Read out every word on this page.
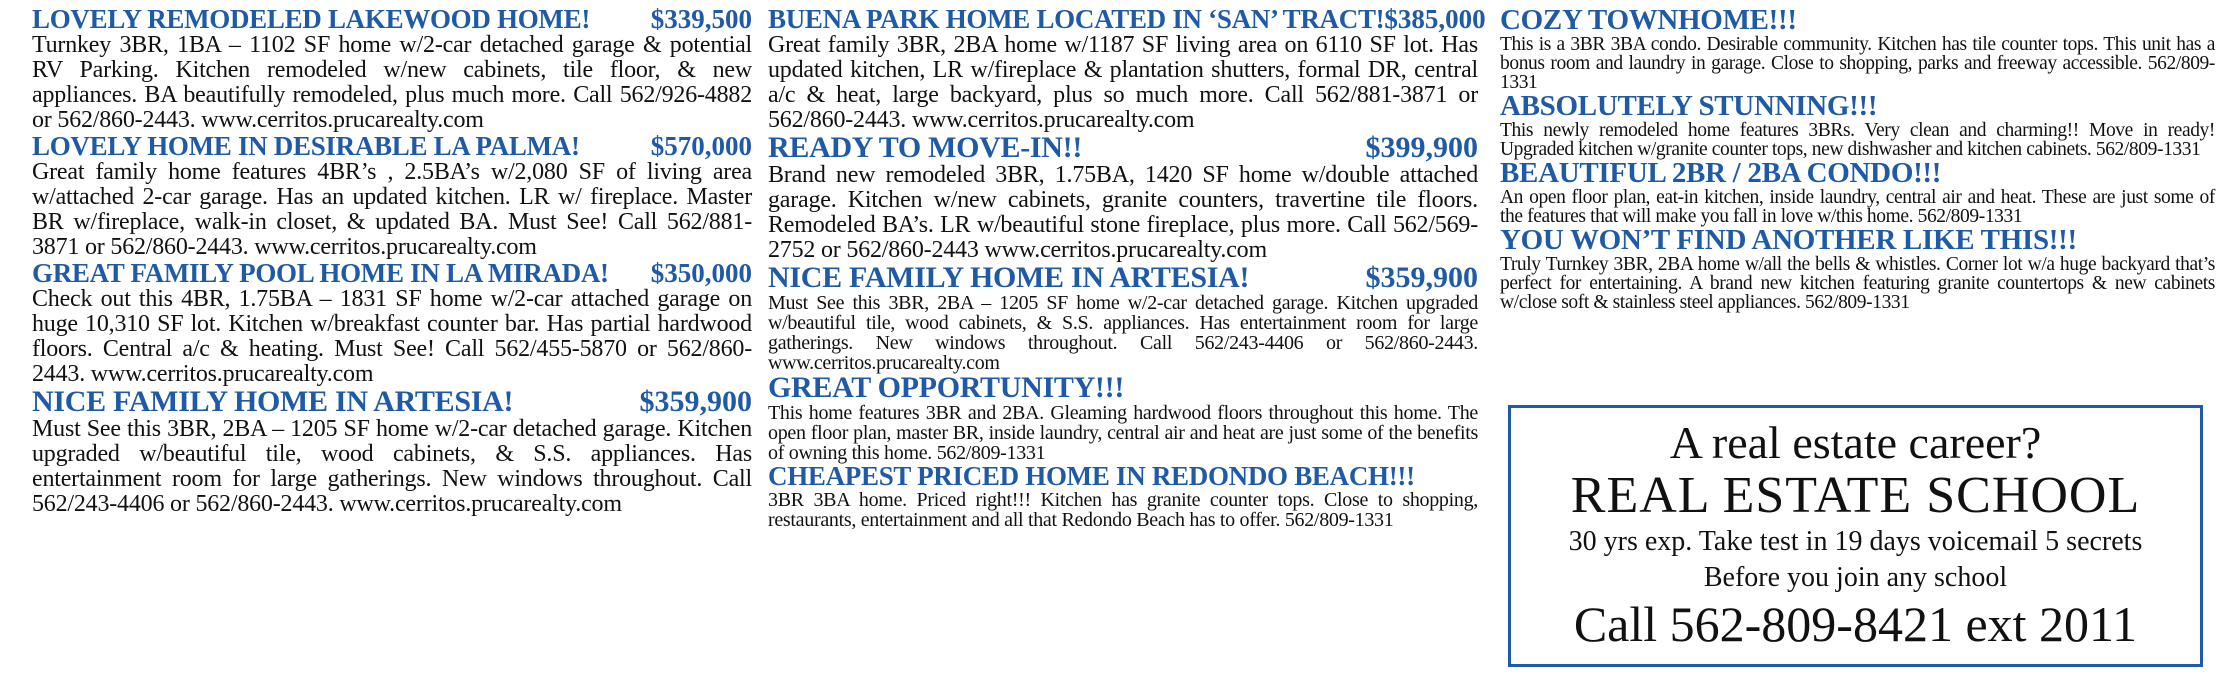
LOVELY REMODELED LAKEWOOD HOME! $339,500
Turnkey 3BR, 1BA – 1102 SF home w/2-car detached garage & potential RV Parking. Kitchen remodeled w/new cabinets, tile floor, & new appliances. BA beautifully remodeled, plus much more. Call 562/926-4882 or 562/860-2443. www.cerritos.prucarealty.com
LOVELY HOME IN DESIRABLE LA PALMA!	$570,000
Great family home features 4BR’s , 2.5BA’s w/2,080 SF of living area w/attached 2-car garage. Has an updated kitchen. LR w/ fireplace. Master BR w/fireplace, walk-in closet, & updated BA. Must See! Call 562/881-3871 or 562/860-2443. www.cerritos.prucarealty.com
GREAT FAMILY POOL HOME IN LA MIRADA! $350,000
Check out this 4BR, 1.75BA – 1831 SF home w/2-car attached garage on huge 10,310 SF lot. Kitchen w/breakfast counter bar. Has partial hardwood floors. Central a/c & heating. Must See! Call 562/455-5870 or 562/860-2443. www.cerritos.prucarealty.com
NICE FAMILY HOME IN ARTESIA!	$359,900
Must See this 3BR, 2BA – 1205 SF home w/2-car detached garage. Kitchen upgraded w/beautiful tile, wood cabinets, & S.S. appliances. Has entertainment room for large gatherings. New windows throughout. Call 562/243-4406 or 562/860-2443. www.cerritos.prucarealty.com
BUENA PARK HOME LOCATED IN ‘SAN’ TRACT! $385,000
Great family 3BR, 2BA home w/1187 SF living area on 6110 SF lot. Has updated kitchen, LR w/fireplace & plantation shutters, formal DR, central a/c & heat, large backyard, plus so much more. Call 562/881-3871 or 562/860-2443. www.cerritos.prucarealty.com
READY TO MOVE-IN!!	$399,900
Brand new remodeled 3BR, 1.75BA, 1420 SF home w/double attached garage. Kitchen w/new cabinets, granite counters, travertine tile floors. Remodeled BA’s. LR w/beautiful stone fireplace, plus more. Call 562/569-2752 or 562/860-2443 www.cerritos.prucarealty.com
NICE FAMILY HOME IN ARTESIA!	$359,900
Must See this 3BR, 2BA – 1205 SF home w/2-car detached garage. Kitchen upgraded w/beautiful tile, wood cabinets, & S.S. appliances. Has entertainment room for large gatherings. New windows throughout. Call 562/243-4406 or 562/860-2443. www.cerritos.prucarealty.com
GREAT OPPORTUNITY!!!
This home features 3BR and 2BA. Gleaming hardwood floors throughout this home. The open floor plan, master BR, inside laundry, central air and heat are just some of the benefits of owning this home. 562/809-1331
CHEAPEST PRICED HOME IN REDONDO BEACH!!!
3BR 3BA home. Priced right!!! Kitchen has granite counter tops. Close to shopping, restaurants, entertainment and all that Redondo Beach has to offer. 562/809-1331
COZY TOWNHOME!!!
This is a 3BR 3BA condo. Desirable community. Kitchen has tile counter tops. This unit has a bonus room and laundry in garage. Close to shopping, parks and freeway accessible. 562/809-1331
ABSOLUTELY STUNNING!!!
This newly remodeled home features 3BRs. Very clean and charming!! Move in ready! Upgraded kitchen w/granite counter tops, new dishwasher and kitchen cabinets. 562/809-1331
BEAUTIFUL 2BR / 2BA CONDO!!!
An open floor plan, eat-in kitchen, inside laundry, central air and heat. These are just some of the features that will make you fall in love w/this home. 562/809-1331
YOU WON’T FIND ANOTHER LIKE THIS!!!
Truly Turnkey 3BR, 2BA home w/all the bells & whistles. Corner lot w/a huge backyard that’s perfect for entertaining. A brand new kitchen featuring granite countertops & new cabinets w/close soft & stainless steel appliances. 562/809-1331
A real estate career?
REAL ESTATE SCHOOL
30 yrs exp. Take test in 19 days voicemail 5 secrets
Before you join any school
Call 562-809-8421 ext 2011
